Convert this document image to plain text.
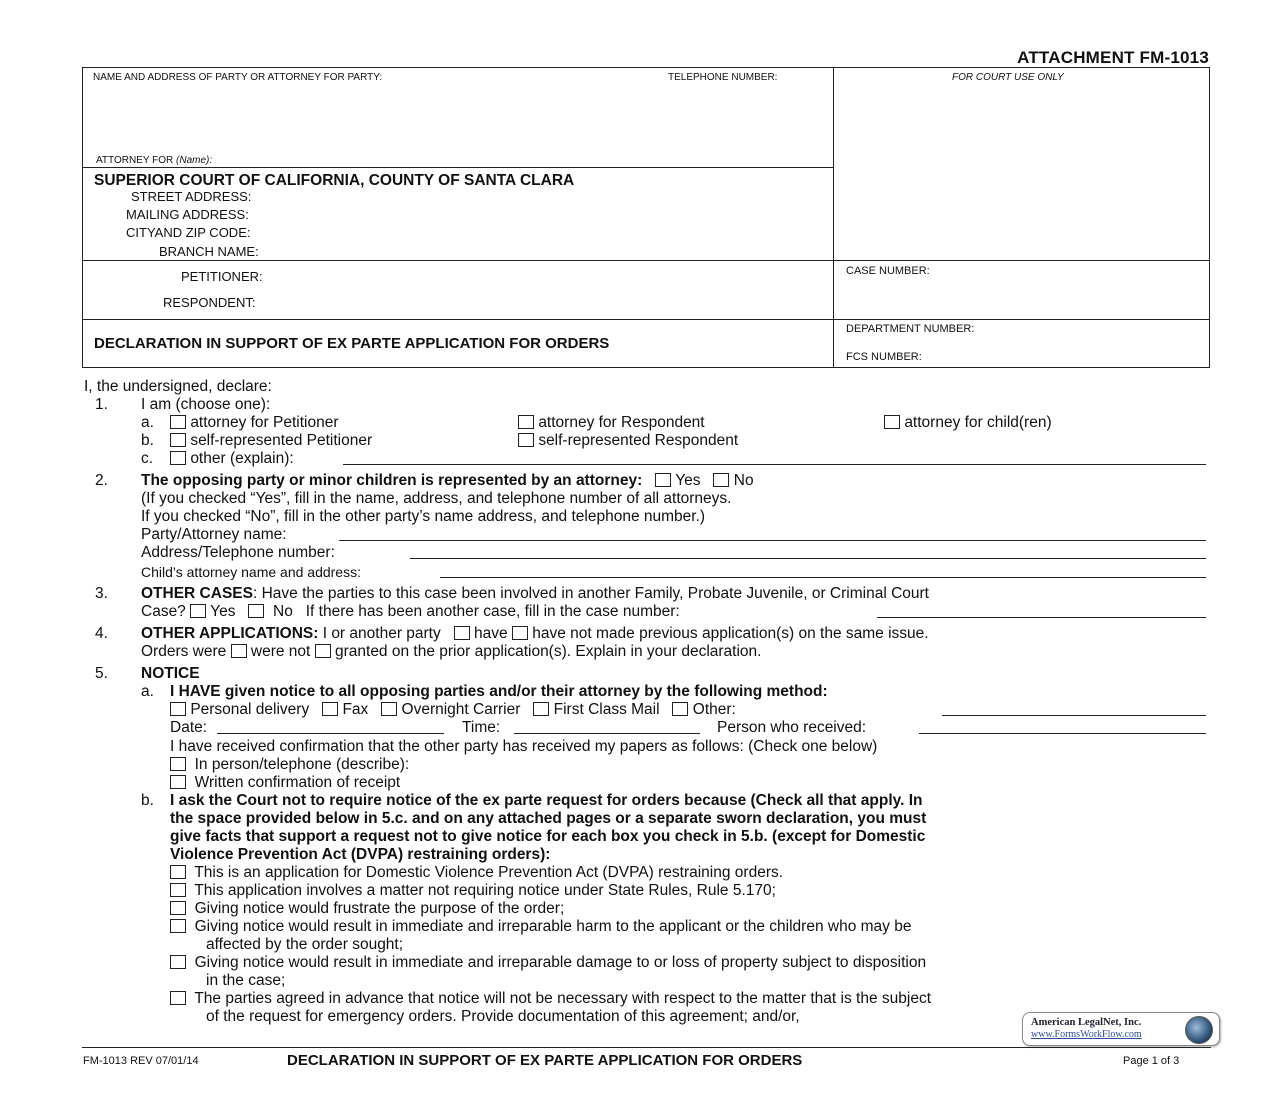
ATTACHMENT FM-1013
NAME AND ADDRESS OF PARTY OR ATTORNEY FOR PARTY:	TELEPHONE NUMBER:	FOR COURT USE ONLY
ATTORNEY FOR (Name):
SUPERIOR COURT OF CALIFORNIA, COUNTY OF SANTA CLARA
STREET ADDRESS:
MAILING ADDRESS:
CITYAND ZIP CODE:
BRANCH NAME:
PETITIONER:
RESPONDENT:
CASE NUMBER:
DECLARATION IN SUPPORT OF EX PARTE APPLICATION FOR ORDERS
DEPARTMENT NUMBER:
FCS NUMBER:
I, the undersigned, declare:
1. I am (choose one):
a.	attorney for Petitioner	attorney for Respondent	attorney for child(ren)
b.	self-represented Petitioner	self-represented Respondent
c.	other (explain):
2. The opposing party or minor children is represented by an attorney: Yes No
(If you checked “Yes”, fill in the name, address, and telephone number of all attorneys.
If you checked “No”, fill in the other party’s name address, and telephone number.)
Party/Attorney name:
Address/Telephone number:
Child’s attorney name and address:
3. OTHER CASES: Have the parties to this case been involved in another Family, Probate Juvenile, or Criminal Court
Case? Yes No If there has been another case, fill in the case number:
4. OTHER APPLICATIONS: I or another party have have not made previous application(s) on the same issue.
Orders were were not granted on the prior application(s). Explain in your declaration.
5. NOTICE
a. I HAVE given notice to all opposing parties and/or their attorney by the following method:
Personal delivery Fax Overnight Carrier First Class Mail Other:
Date:	Time:	Person who received:
I have received confirmation that the other party has received my papers as follows: (Check one below)
In person/telephone (describe):
Written confirmation of receipt
b. I ask the Court not to require notice of the ex parte request for orders because (Check all that apply. In
the space provided below in 5.c. and on any attached pages or a separate sworn declaration, you must
give facts that support a request not to give notice for each box you check in 5.b. (except for Domestic
Violence Prevention Act (DVPA) restraining orders):
This is an application for Domestic Violence Prevention Act (DVPA) restraining orders.
This application involves a matter not requiring notice under State Rules, Rule 5.170;
Giving notice would frustrate the purpose of the order;
Giving notice would result in immediate and irreparable harm to the applicant or the children who may be
affected by the order sought;
Giving notice would result in immediate and irreparable damage to or loss of property subject to disposition
in the case;
The parties agreed in advance that notice will not be necessary with respect to the matter that is the subject
of the request for emergency orders. Provide documentation of this agreement; and/or,	American LegalNet, Inc.
www.FormsWorkFlow.com
FM-1013 REV 07/01/14	DECLARATION IN SUPPORT OF EX PARTE APPLICATION FOR ORDERS	Page 1 of 3
